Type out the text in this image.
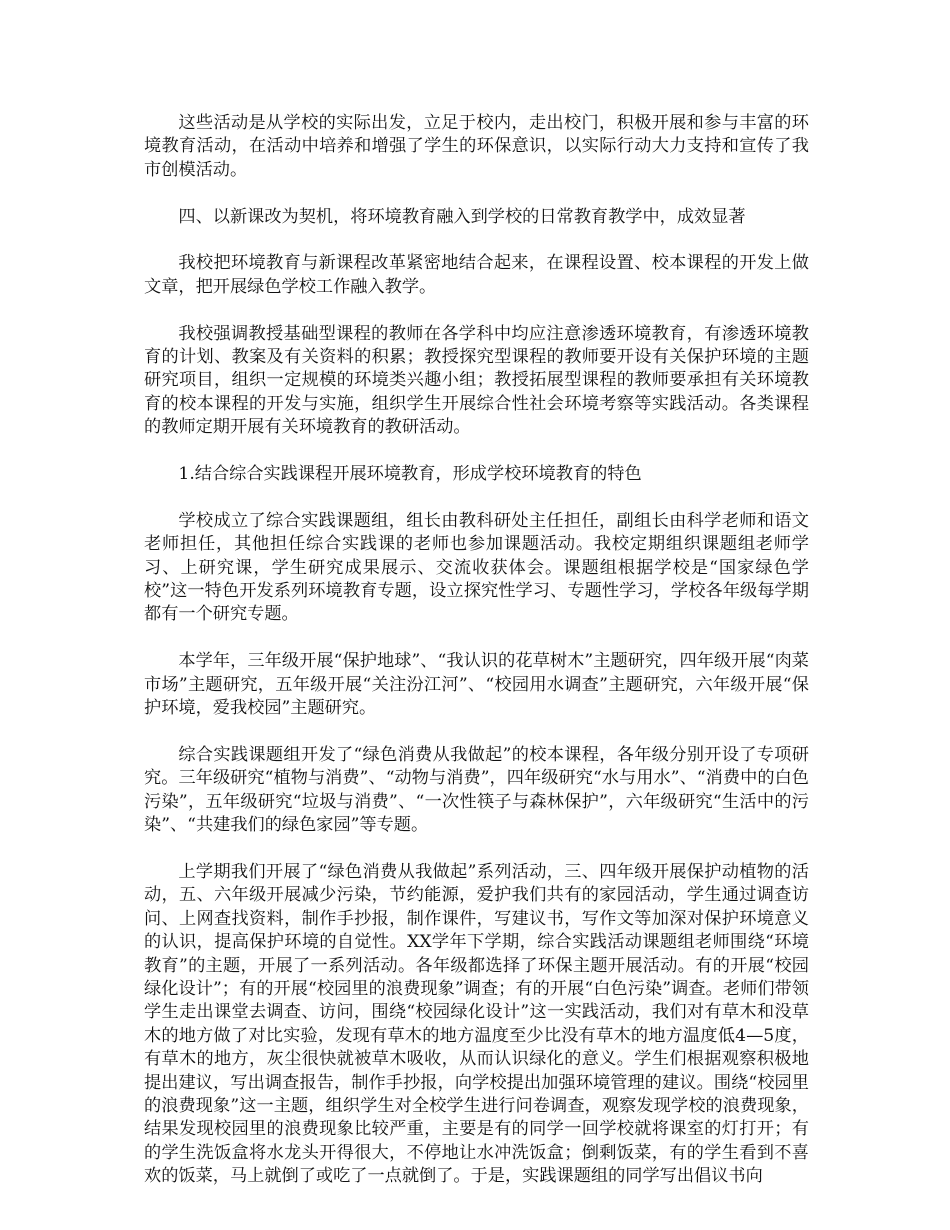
这些活动是从学校的实际出发，立足于校内，走出校门，积极开展和参与丰富的环境教育活动，在活动中培养和增强了学生的环保意识，以实际行动大力支持和宣传了我市创模活动。

四、以新课改为契机，将环境教育融入到学校的日常教育教学中，成效显著

我校把环境教育与新课程改革紧密地结合起来，在课程设置、校本课程的开发上做文章，把开展绿色学校工作融入教学。

我校强调教授基础型课程的教师在各学科中均应注意渗透环境教育，有渗透环境教育的计划、教案及有关资料的积累；教授探究型课程的教师要开设有关保护环境的主题研究项目，组织一定规模的环境类兴趣小组；教授拓展型课程的教师要承担有关环境教育的校本课程的开发与实施，组织学生开展综合性社会环境考察等实践活动。各类课程的教师定期开展有关环境教育的教研活动。

1.结合综合实践课程开展环境教育，形成学校环境教育的特色

学校成立了综合实践课题组，组长由教科研处主任担任，副组长由科学老师和语文老师担任，其他担任综合实践课的老师也参加课题活动。我校定期组织课题组老师学习、上研究课，学生研究成果展示、交流收获体会。课题组根据学校是“国家绿色学校”这一特色开发系列环境教育专题，设立探究性学习、专题性学习，学校各年级每学期都有一个研究专题。

本学年，三年级开展“保护地球”、“我认识的花草树木”主题研究，四年级开展“肉菜市场”主题研究，五年级开展“关注汾江河”、“校园用水调查”主题研究，六年级开展“保护环境，爱我校园”主题研究。

综合实践课题组开发了“绿色消费从我做起”的校本课程，各年级分别开设了专项研究。三年级研究“植物与消费”、“动物与消费”，四年级研究“水与用水”、“消费中的白色污染”，五年级研究“垃圾与消费”、“一次性筷子与森林保护”，六年级研究“生活中的污染”、“共建我们的绿色家园”等专题。

上学期我们开展了“绿色消费从我做起”系列活动，三、四年级开展保护动植物的活动，五、六年级开展减少污染，节约能源，爱护我们共有的家园活动，学生通过调查访问、上网查找资料，制作手抄报，制作课件，写建议书，写作文等加深对保护环境意义的认识，提高保护环境的自觉性。XX学年下学期，综合实践活动课题组老师围绕“环境教育”的主题，开展了一系列活动。各年级都选择了环保主题开展活动。有的开展“校园绿化设计”；有的开展“校园里的浪费现象”调查；有的开展“白色污染”调查。老师们带领学生走出课堂去调查、访问，围绕“校园绿化设计”这一实践活动，我们对有草木和没草木的地方做了对比实验，发现有草木的地方温度至少比没有草木的地方温度低4—5度，有草木的地方，灰尘很快就被草木吸收，从而认识绿化的意义。学生们根据观察积极地提出建议，写出调查报告，制作手抄报，向学校提出加强环境管理的建议。围绕“校园里的浪费现象”这一主题，组织学生对全校学生进行问卷调查，观察发现学校的浪费现象，结果发现校园里的浪费现象比较严重，主要是有的同学一回学校就将课室的灯打开；有的学生洗饭盒将水龙头开得很大，不停地让水冲洗饭盒；倒剩饭菜，有的学生看到不喜欢的饭菜，马上就倒了或吃了一点就倒了。于是，实践课题组的同学写出倡议书向
